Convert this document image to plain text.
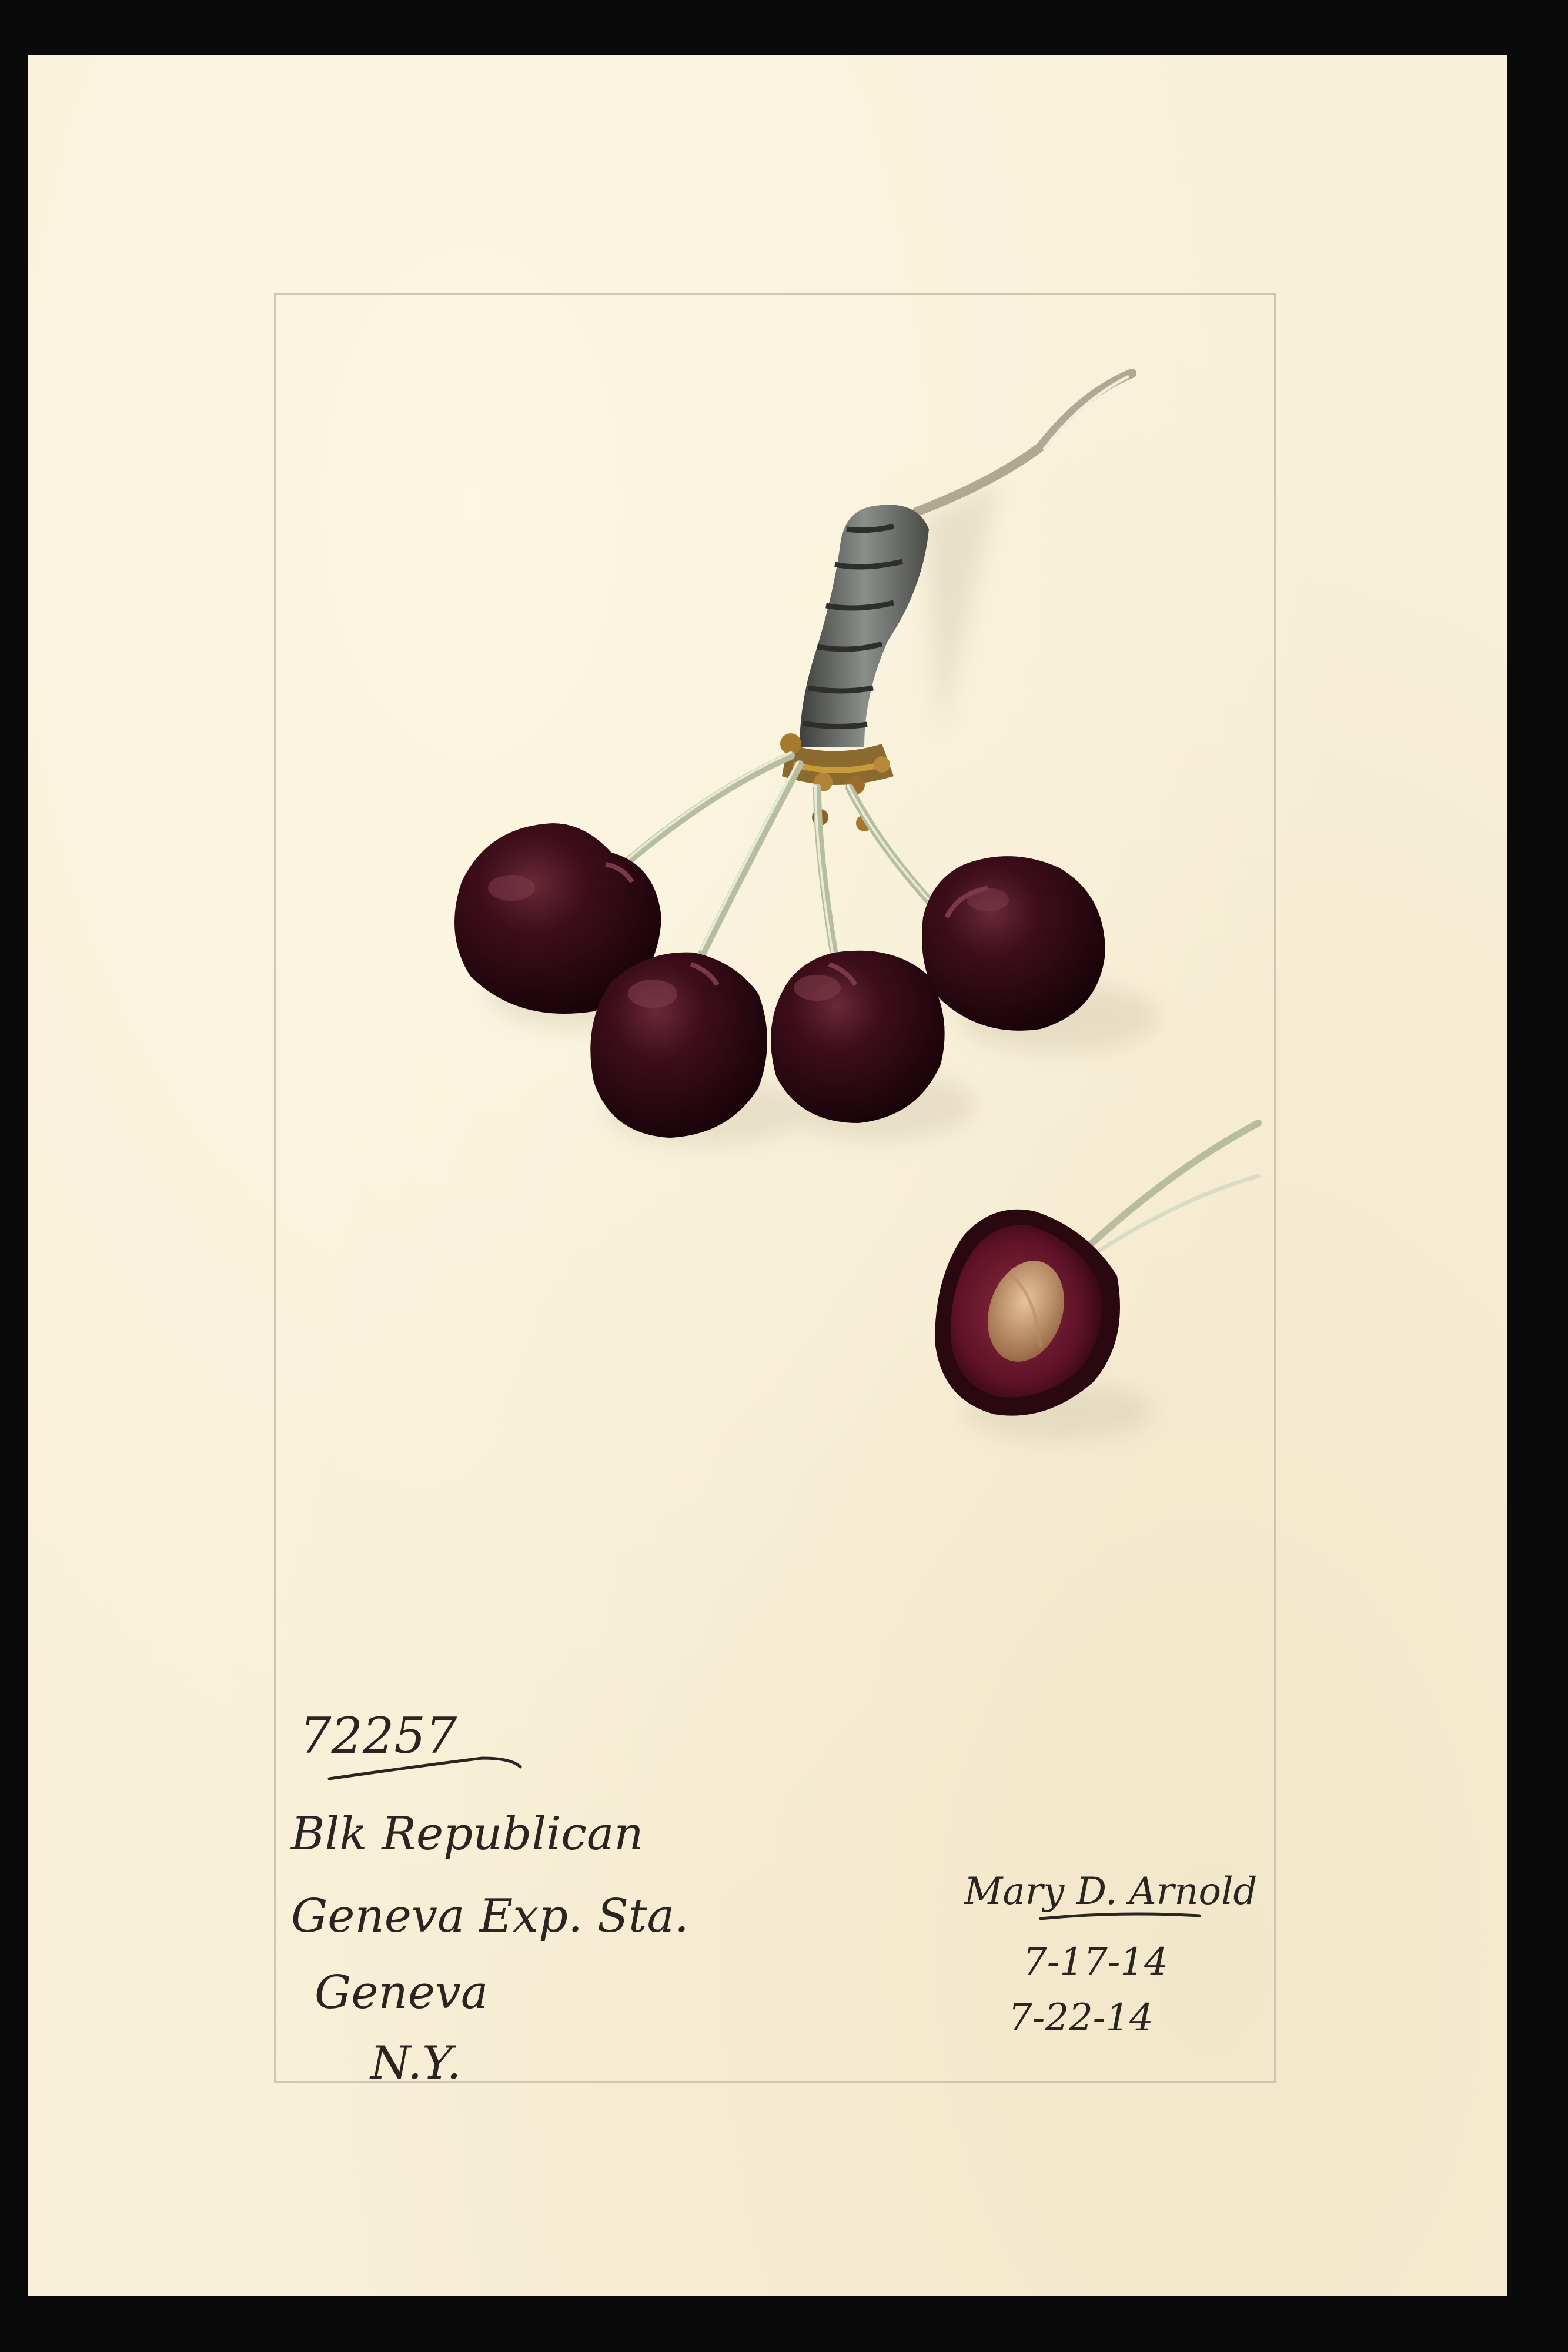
72257
Blk Republican
Geneva Exp. Sta.
Geneva
N.Y.
Mary D. Arnold
7-17-14
7-22-14
